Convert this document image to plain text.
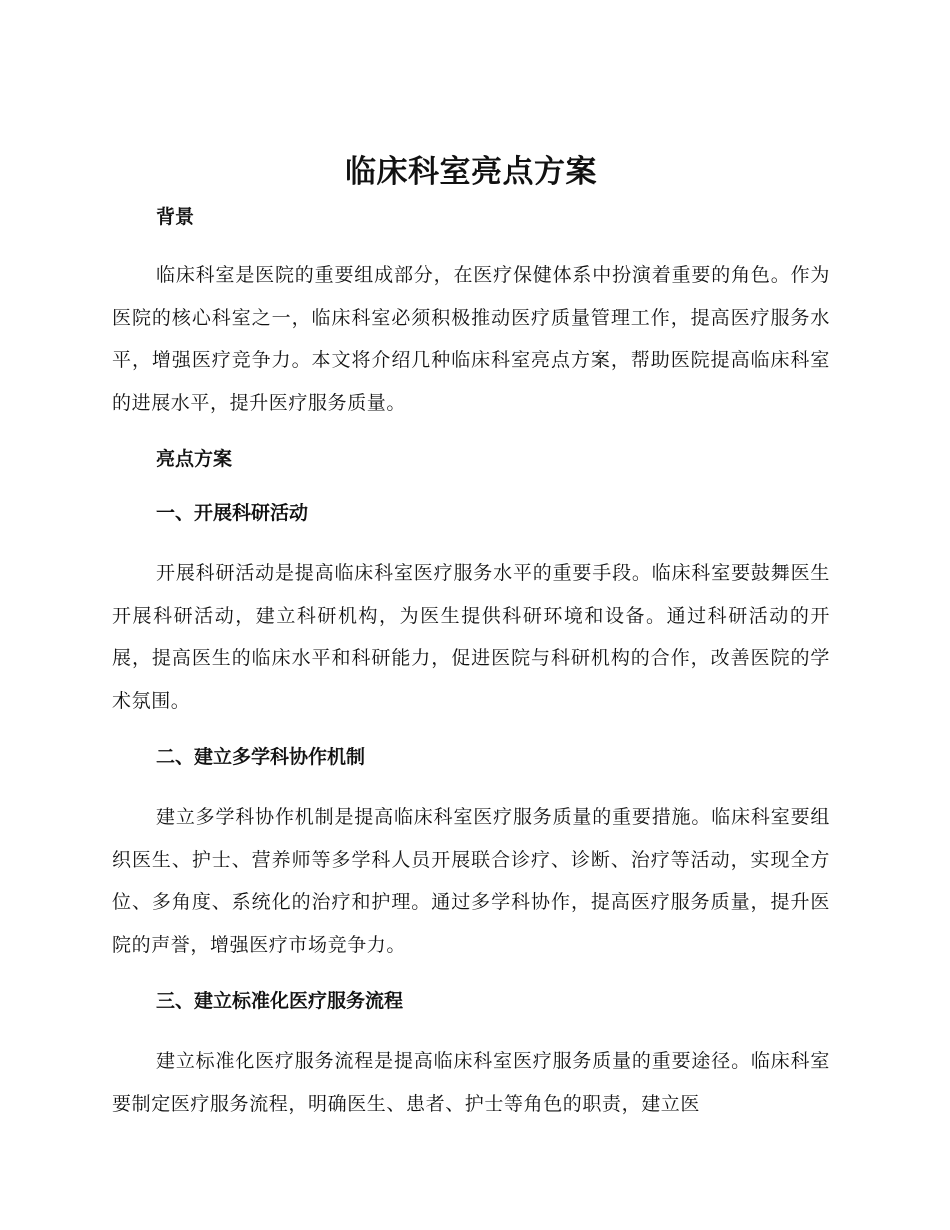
临床科室亮点方案

背景

临床科室是医院的重要组成部分，在医疗保健体系中扮演着重要的角色。作为医院的核心科室之一，临床科室必须积极推动医疗质量管理工作，提高医疗服务水平，增强医疗竞争力。本文将介绍几种临床科室亮点方案，帮助医院提高临床科室的进展水平，提升医疗服务质量。

亮点方案

一、开展科研活动

开展科研活动是提高临床科室医疗服务水平的重要手段。临床科室要鼓舞医生开展科研活动，建立科研机构，为医生提供科研环境和设备。通过科研活动的开展，提高医生的临床水平和科研能力，促进医院与科研机构的合作，改善医院的学术氛围。

二、建立多学科协作机制

建立多学科协作机制是提高临床科室医疗服务质量的重要措施。临床科室要组织医生、护士、营养师等多学科人员开展联合诊疗、诊断、治疗等活动，实现全方位、多角度、系统化的治疗和护理。通过多学科协作，提高医疗服务质量，提升医院的声誉，增强医疗市场竞争力。

三、建立标准化医疗服务流程

建立标准化医疗服务流程是提高临床科室医疗服务质量的重要途径。临床科室要制定医疗服务流程，明确医生、患者、护士等角色的职责，建立医
